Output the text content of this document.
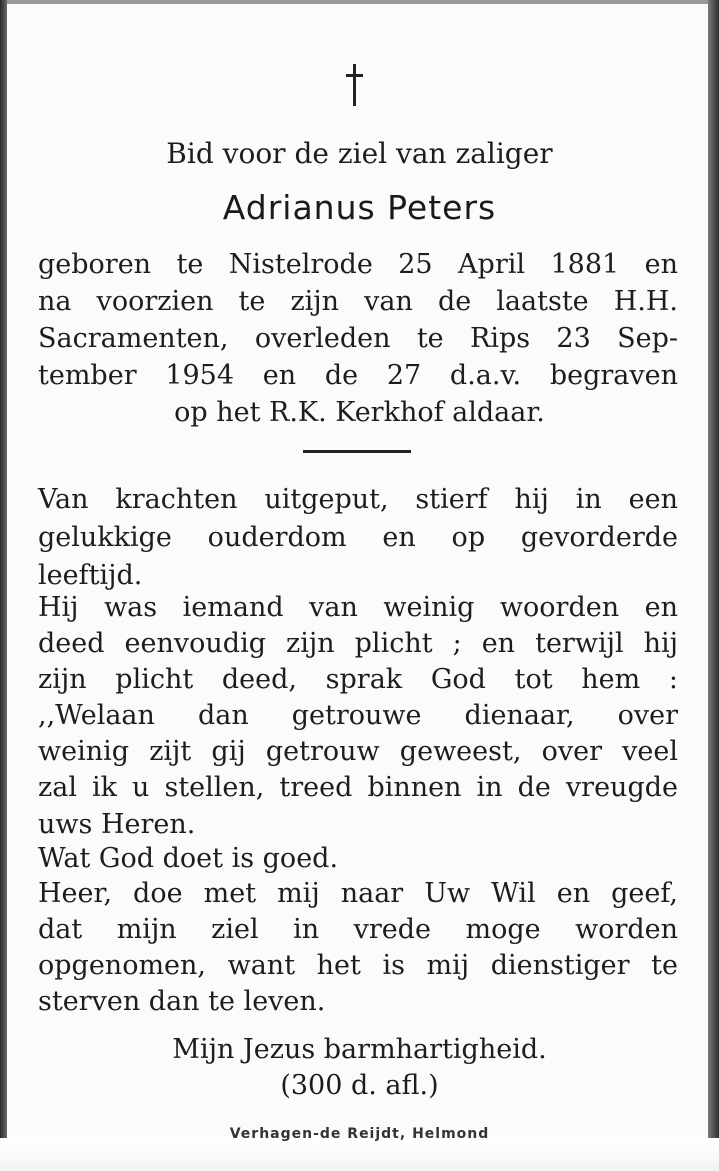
Bid voor de ziel van zaliger
Adrianus Peters
geboren te Nistelrode 25 April 1881 en
na voorzien te zijn van de laatste H.H.
Sacramenten, overleden te Rips 23 Sep-
tember 1954 en de 27 d.a.v. begraven
op het R.K. Kerkhof aldaar.
Van krachten uitgeput, stierf hij in een
gelukkige ouderdom en op gevorderde
leeftijd.
Hij was iemand van weinig woorden en
deed eenvoudig zijn plicht ; en terwijl hij
zijn plicht deed, sprak God tot hem :
,,Welaan dan getrouwe dienaar, over
weinig zijt gij getrouw geweest, over veel
zal ik u stellen, treed binnen in de vreugde
uws Heren.
Wat God doet is goed.
Heer, doe met mij naar Uw Wil en geef,
dat mijn ziel in vrede moge worden
opgenomen, want het is mij dienstiger te
sterven dan te leven.
Mijn Jezus barmhartigheid.
(300 d. afl.)
Verhagen-de Reijdt, Helmond
